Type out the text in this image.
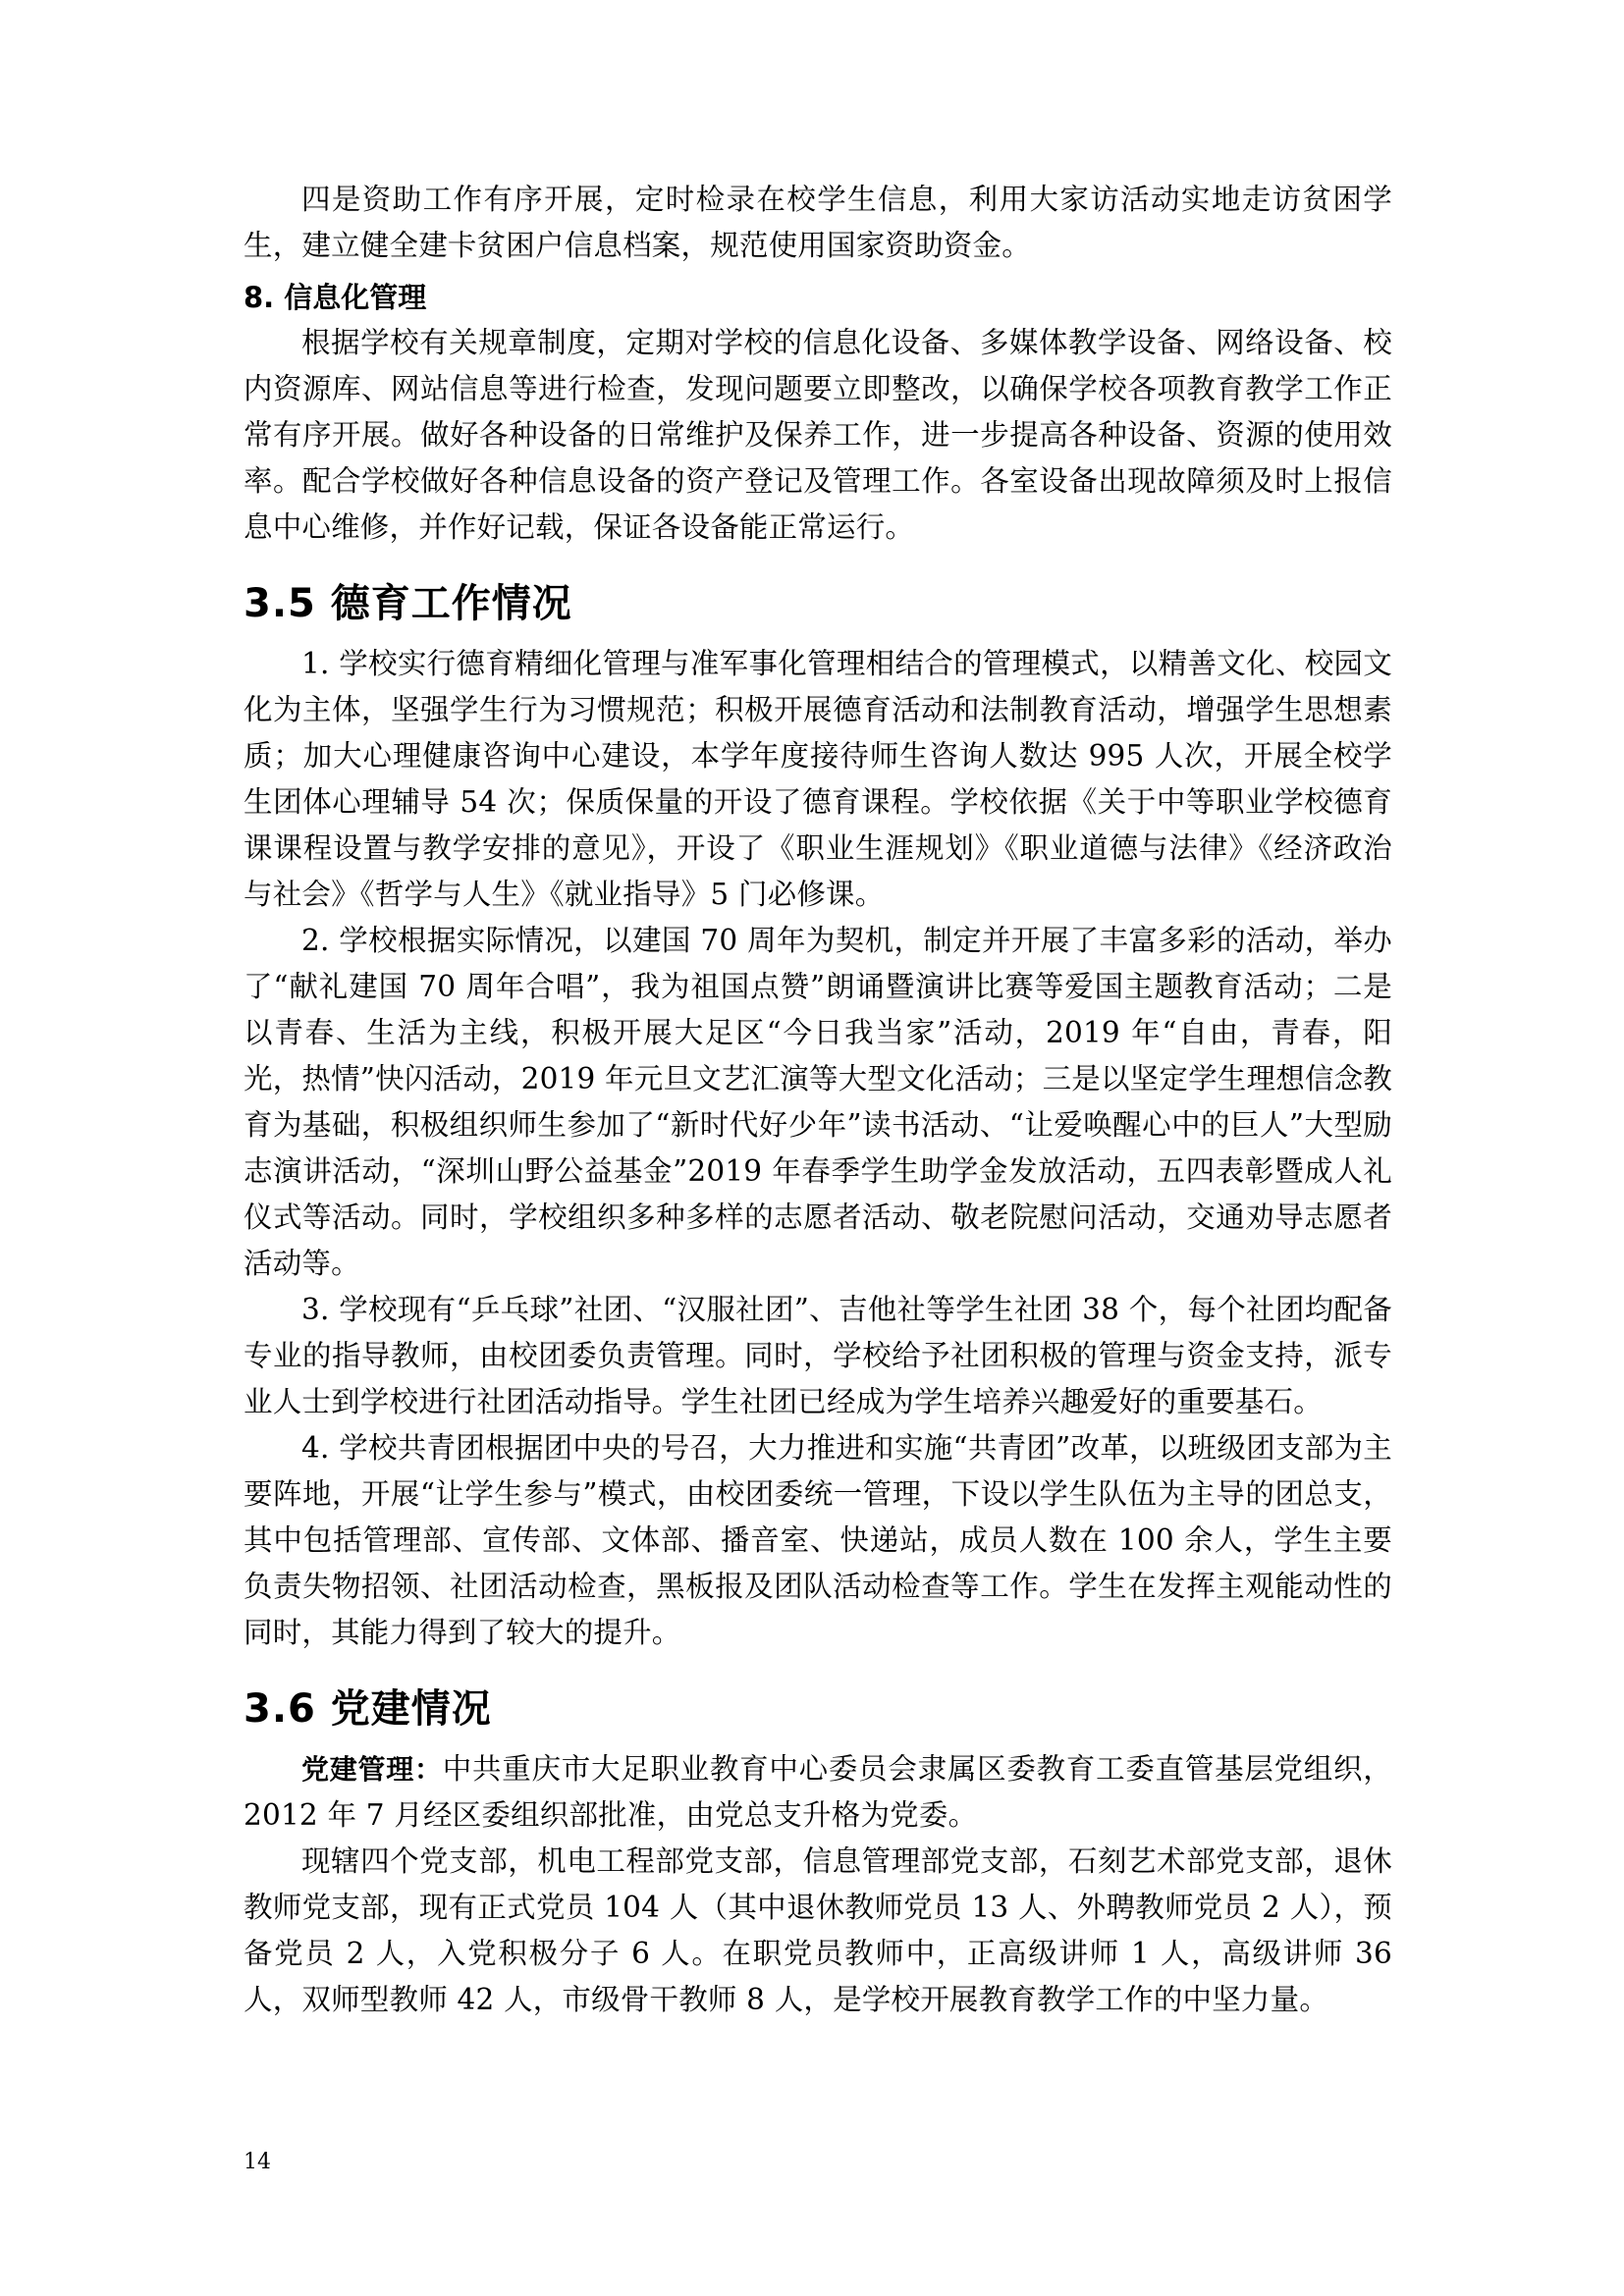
四是资助工作有序开展，定时检录在校学生信息，利用大家访活动实地走访贫困学生，建立健全建卡贫困户信息档案，规范使用国家资助资金。

8. 信息化管理

根据学校有关规章制度，定期对学校的信息化设备、多媒体教学设备、网络设备、校内资源库、网站信息等进行检查，发现问题要立即整改，以确保学校各项教育教学工作正常有序开展。做好各种设备的日常维护及保养工作，进一步提高各种设备、资源的使用效率。配合学校做好各种信息设备的资产登记及管理工作。各室设备出现故障须及时上报信息中心维修，并作好记载，保证各设备能正常运行。

3.5 德育工作情况

1. 学校实行德育精细化管理与准军事化管理相结合的管理模式，以精善文化、校园文化为主体，坚强学生行为习惯规范；积极开展德育活动和法制教育活动，增强学生思想素质；加大心理健康咨询中心建设，本学年度接待师生咨询人数达 995 人次，开展全校学生团体心理辅导 54 次；保质保量的开设了德育课程。学校依据《关于中等职业学校德育课课程设置与教学安排的意见》，开设了《职业生涯规划》《职业道德与法律》《经济政治与社会》《哲学与人生》《就业指导》5 门必修课。

2. 学校根据实际情况，以建国 70 周年为契机，制定并开展了丰富多彩的活动，举办了“献礼建国 70 周年合唱”，我为祖国点赞”朗诵暨演讲比赛等爱国主题教育活动；二是以青春、生活为主线，积极开展大足区“今日我当家”活动，2019 年“自由，青春，阳光，热情”快闪活动，2019 年元旦文艺汇演等大型文化活动；三是以坚定学生理想信念教育为基础，积极组织师生参加了“新时代好少年”读书活动、“让爱唤醒心中的巨人”大型励志演讲活动，“深圳山野公益基金”2019 年春季学生助学金发放活动，五四表彰暨成人礼仪式等活动。同时，学校组织多种多样的志愿者活动、敬老院慰问活动，交通劝导志愿者活动等。

3. 学校现有“乒乓球”社团、“汉服社团”、吉他社等学生社团 38 个，每个社团均配备专业的指导教师，由校团委负责管理。同时，学校给予社团积极的管理与资金支持，派专业人士到学校进行社团活动指导。学生社团已经成为学生培养兴趣爱好的重要基石。

4. 学校共青团根据团中央的号召，大力推进和实施“共青团”改革，以班级团支部为主要阵地，开展“让学生参与”模式，由校团委统一管理，下设以学生队伍为主导的团总支，其中包括管理部、宣传部、文体部、播音室、快递站，成员人数在 100 余人，学生主要负责失物招领、社团活动检查，黑板报及团队活动检查等工作。学生在发挥主观能动性的同时，其能力得到了较大的提升。

3.6 党建情况

党建管理：中共重庆市大足职业教育中心委员会隶属区委教育工委直管基层党组织，2012 年 7 月经区委组织部批准，由党总支升格为党委。

现辖四个党支部，机电工程部党支部，信息管理部党支部，石刻艺术部党支部，退休教师党支部，现有正式党员 104 人（其中退休教师党员 13 人、外聘教师党员 2 人），预备党员 2 人，入党积极分子 6 人。在职党员教师中，正高级讲师 1 人，高级讲师 36 人，双师型教师 42 人，市级骨干教师 8 人，是学校开展教育教学工作的中坚力量。

14
